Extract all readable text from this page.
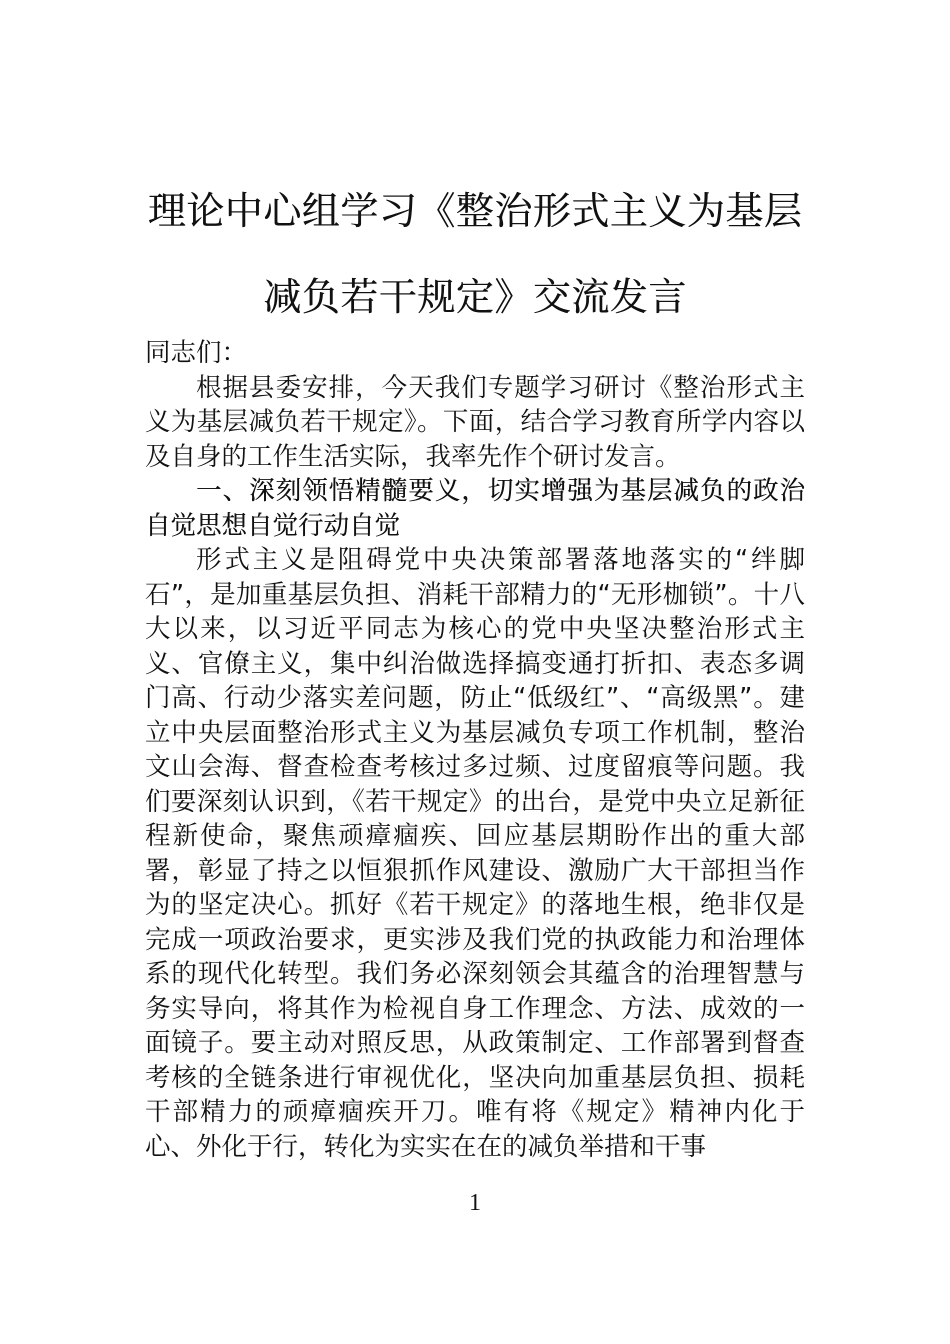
理论中心组学习《整治形式主义为基层减负若干规定》交流发言

同志们：

根据县委安排，今天我们专题学习研讨《整治形式主义为基层减负若干规定》。下面，结合学习教育所学内容以及自身的工作生活实际，我率先作个研讨发言。

一、深刻领悟精髓要义，切实增强为基层减负的政治自觉思想自觉行动自觉

形式主义是阻碍党中央决策部署落地落实的“绊脚石”，是加重基层负担、消耗干部精力的“无形枷锁”。十八大以来，以习近平同志为核心的党中央坚决整治形式主义、官僚主义，集中纠治做选择搞变通打折扣、表态多调门高、行动少落实差问题，防止“低级红”、“高级黑”。建立中央层面整治形式主义为基层减负专项工作机制，整治文山会海、督查检查考核过多过频、过度留痕等问题。我们要深刻认识到，《若干规定》的出台，是党中央立足新征程新使命，聚焦顽瘴痼疾、回应基层期盼作出的重大部署，彰显了持之以恒狠抓作风建设、激励广大干部担当作为的坚定决心。抓好《若干规定》的落地生根，绝非仅是完成一项政治要求，更实涉及我们党的执政能力和治理体系的现代化转型。我们务必深刻领会其蕴含的治理智慧与务实导向，将其作为检视自身工作理念、方法、成效的一面镜子。要主动对照反思，从政策制定、工作部署到督查考核的全链条进行审视优化，坚决向加重基层负担、损耗干部精力的顽瘴痼疾开刀。唯有将《规定》精神内化于心、外化于行，转化为实实在在的减负举措和干事

1
